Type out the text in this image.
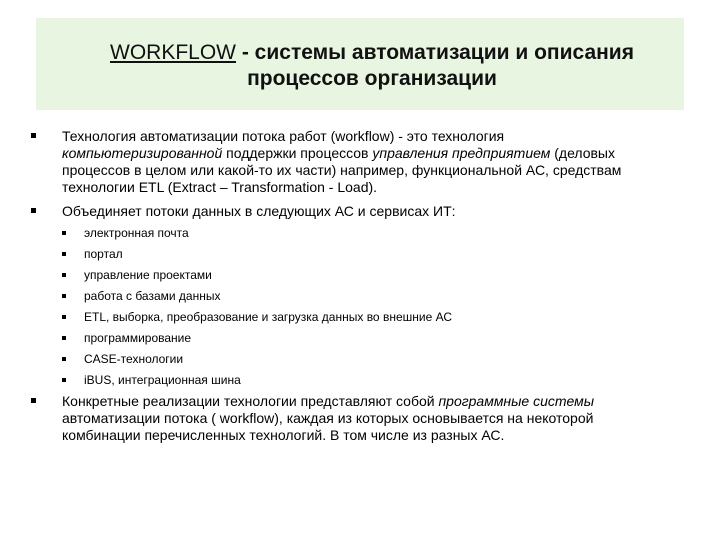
WORKFLOW - системы автоматизации и описания
процессов организации
Технология автоматизации потока работ (workflow) - это технология
компьютеризированной поддержки процессов управления предприятием (деловых
процессов в целом или какой-то их части) например, функциональной АС, средствам
технологии ETL (Extract – Transformation - Load).
Объединяет потоки данных в следующих АС и сервисах ИТ:
электронная почта
портал
управление проектами
работа с базами данных
ETL, выборка, преобразование и загрузка данных во внешние АС
программирование
CASE-технологии
iBUS, интеграционная шина
Конкретные реализации технологии представляют собой программные системы
автоматизации потока ( workflow), каждая из которых основывается на некоторой
комбинации перечисленных технологий. В том числе из разных АС.
